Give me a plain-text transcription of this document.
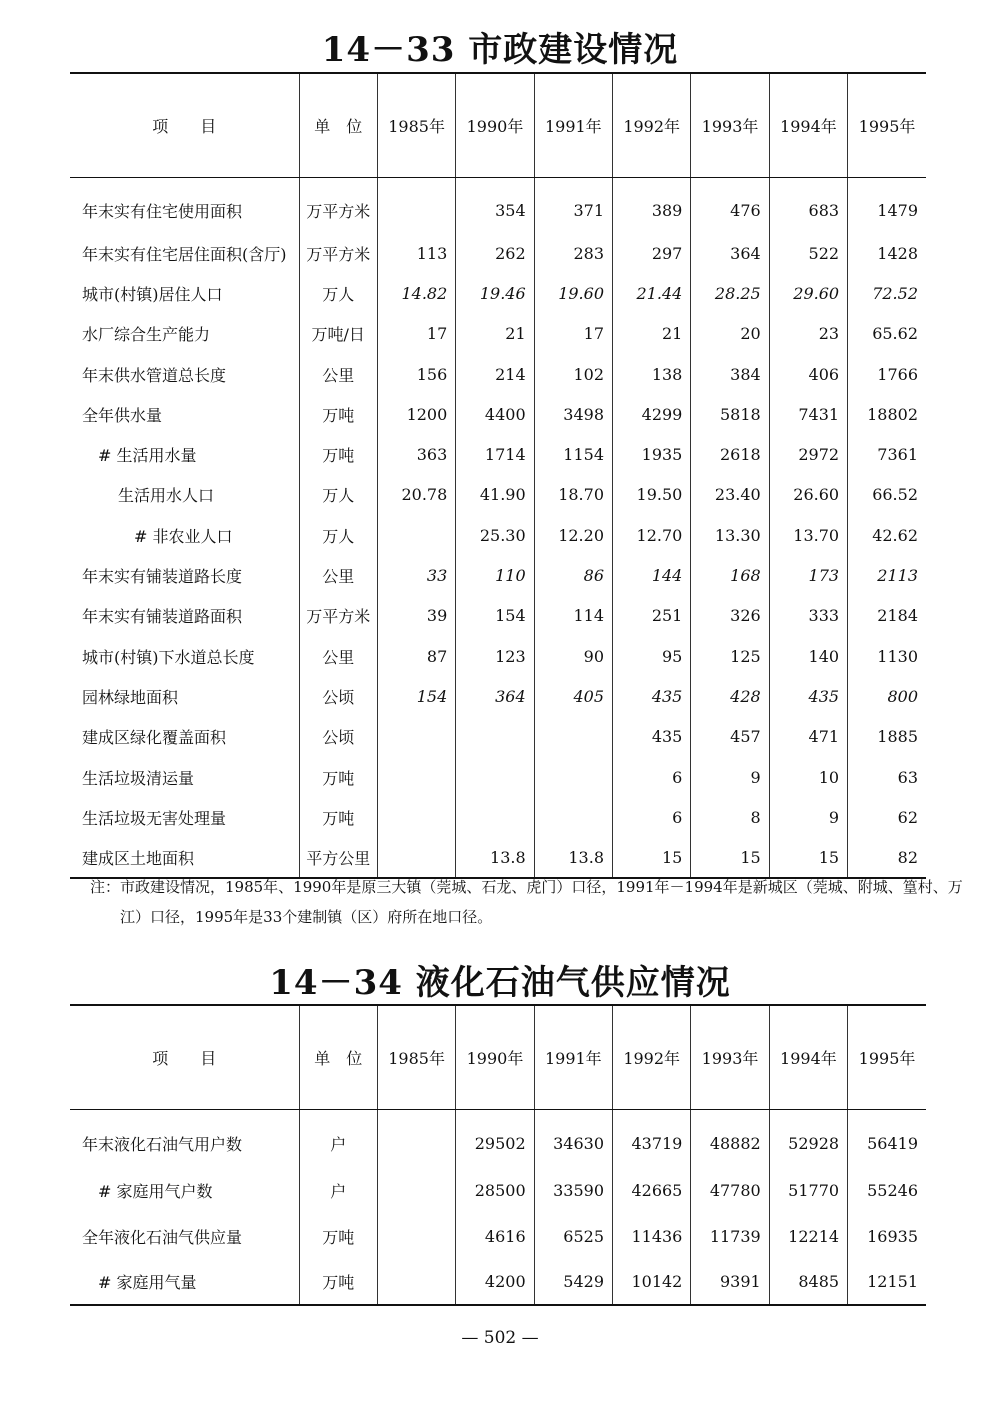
14－33 市政建设情况
项　　目	单　位	1985年	1990年	1991年	1992年	1993年	1994年	1995年
年末实有住宅使用面积	万平方米		354	371	389	476	683	1479
年末实有住宅居住面积(含厅)	万平方米	113	262	283	297	364	522	1428
城市(村镇)居住人口	万人	14.82	19.46	19.60	21.44	28.25	29.60	72.52
水厂综合生产能力	万吨/日	17	21	17	21	20	23	65.62
年末供水管道总长度	公里	156	214	102	138	384	406	1766
全年供水量	万吨	1200	4400	3498	4299	5818	7431	18802
# 生活用水量	万吨	363	1714	1154	1935	2618	2972	7361
生活用水人口	万人	20.78	41.90	18.70	19.50	23.40	26.60	66.52
# 非农业人口	万人		25.30	12.20	12.70	13.30	13.70	42.62
年末实有铺装道路长度	公里	33	110	86	144	168	173	2113
年末实有铺装道路面积	万平方米	39	154	114	251	326	333	2184
城市(村镇)下水道总长度	公里	87	123	90	95	125	140	1130
园林绿地面积	公顷	154	364	405	435	428	435	800
建成区绿化覆盖面积	公顷				435	457	471	1885
生活垃圾清运量	万吨				6	9	10	63
生活垃圾无害处理量	万吨				6	8	9	62
建成区土地面积	平方公里		13.8	13.8	15	15	15	82
注：市政建设情况，1985年、1990年是原三大镇（莞城、石龙、虎门）口径，1991年－1994年是新城区（莞城、附城、篁村、万江）口径，1995年是33个建制镇（区）府所在地口径。
14－34 液化石油气供应情况
项　　目	单　位	1985年	1990年	1991年	1992年	1993年	1994年	1995年
年末液化石油气用户数	户		29502	34630	43719	48882	52928	56419
# 家庭用气户数	户		28500	33590	42665	47780	51770	55246
全年液化石油气供应量	万吨		4616	6525	11436	11739	12214	16935
# 家庭用气量	万吨		4200	5429	10142	9391	8485	12151
— 502 —
